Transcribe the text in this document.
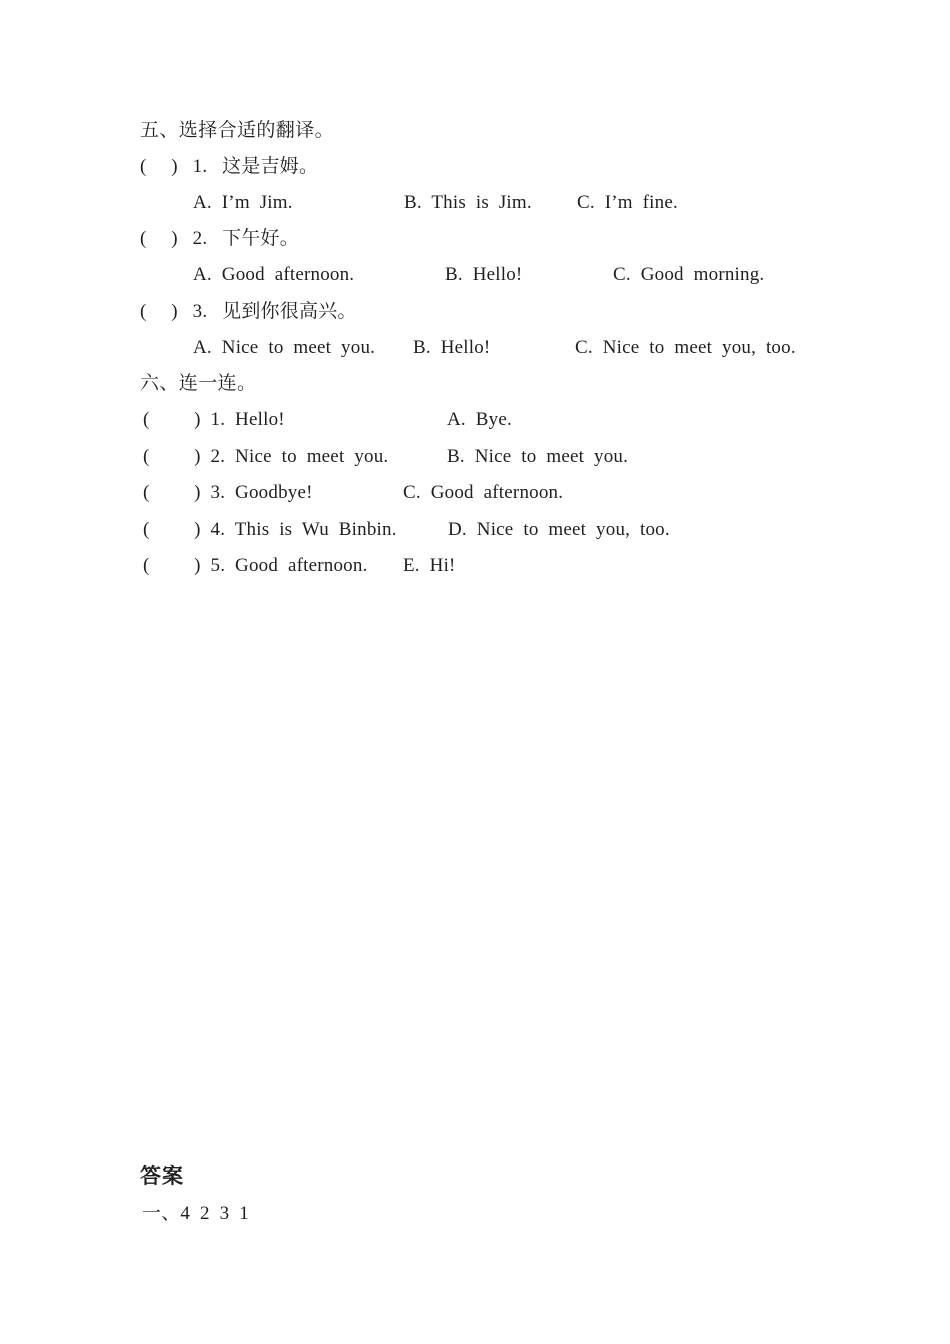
五、选择合适的翻译。
(     )   1.   这是吉姆。
A.  I’m  Jim.	B.  This  is  Jim. C.  I’m  fine.
(     )   2.   下午好。
A.  Good  afternoon.	B.  Hello!	C.  Good  morning.
(     )   3.   见到你很高兴。
A.  Nice  to  meet  you. B.  Hello!	C.  Nice  to  meet  you,  too.
六、连一连。
(         )  1.  Hello!	A.  Bye.
(         )  2.  Nice  to  meet  you.	B.  Nice  to  meet  you.
(         )  3.  Goodbye!	C.  Good  afternoon.
(         )  4.  This  is  Wu  Binbin.	D.  Nice  to  meet  you,  too.
(         )  5.  Good  afternoon. E.  Hi!
答案
一、4  2  3  1
